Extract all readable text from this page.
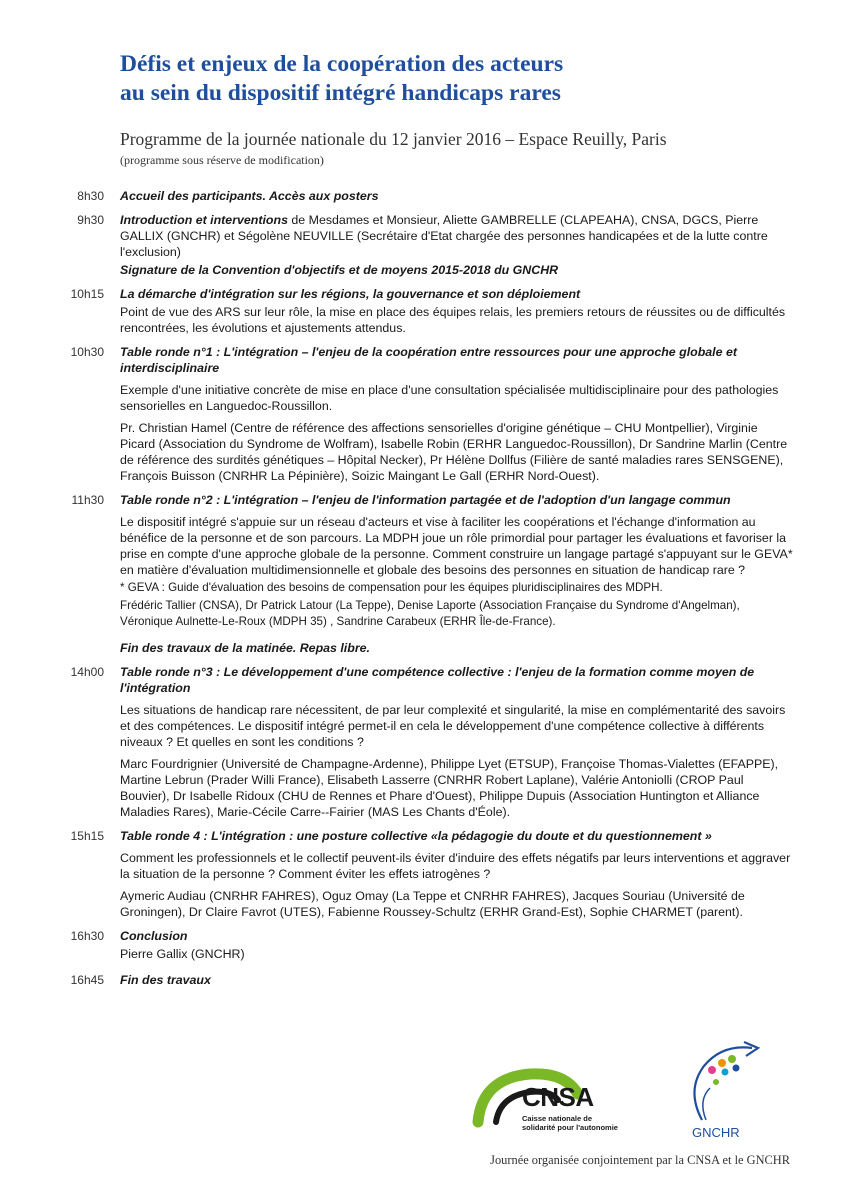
Défis et enjeux de la coopération des acteurs
au sein du dispositif intégré handicaps rares
Programme de la journée nationale du 12 janvier 2016 – Espace Reuilly, Paris
(programme sous réserve de modification)
8h30 Accueil des participants. Accès aux posters

9h30 Introduction et interventions de Mesdames et Monsieur, Aliette GAMBRELLE (CLAPEAHA), CNSA, DGCS, Pierre GALLIX (GNCHR) et Ségolène NEUVILLE (Secrétaire d'Etat chargée des personnes handicapées et de la lutte contre l'exclusion)

Signature de la Convention d'objectifs et de moyens 2015-2018 du GNCHR

10h15 La démarche d'intégration sur les régions, la gouvernance et son déploiement

Point de vue des ARS sur leur rôle, la mise en place des équipes relais, les premiers retours de réussites ou de difficultés rencontrées, les évolutions et ajustements attendus.

10h30 Table ronde n°1 : L'intégration – l'enjeu de la coopération entre ressources pour une approche globale et interdisciplinaire

Exemple d'une initiative concrète de mise en place d'une consultation spécialisée multidisciplinaire pour des pathologies sensorielles en Languedoc-Roussillon.

Pr. Christian Hamel (Centre de référence des affections sensorielles d'origine génétique – CHU Montpellier), Virginie Picard (Association du Syndrome de Wolfram), Isabelle Robin (ERHR Languedoc-Roussillon), Dr Sandrine Marlin (Centre de référence des surdités génétiques – Hôpital Necker), Pr Hélène Dollfus (Filière de santé maladies rares SENSGENE), François Buisson (CNRHR La Pépinière), Soizic Maingant Le Gall (ERHR Nord-Ouest).

11h30 Table ronde n°2 : L'intégration – l'enjeu de l'information partagée et de l'adoption d'un langage commun

Le dispositif intégré s'appuie sur un réseau d'acteurs et vise à faciliter les coopérations et l'échange d'information au bénéfice de la personne et de son parcours. La MDPH joue un rôle primordial pour partager les évaluations et favoriser la prise en compte d'une approche globale de la personne. Comment construire un langage partagé s'appuyant sur le GEVA* en matière d'évaluation multidimensionnelle et globale des besoins des personnes en situation de handicap rare ?

* GEVA : Guide d'évaluation des besoins de compensation pour les équipes pluridisciplinaires des MDPH.

Frédéric Tallier (CNSA), Dr Patrick Latour (La Teppe), Denise Laporte (Association Française du Syndrome d'Angelman), Véronique Aulnette-Le-Roux (MDPH 35) , Sandrine Carabeux (ERHR Île-de-France).

Fin des travaux de la matinée. Repas libre.

14h00 Table ronde n°3 : Le développement d'une compétence collective : l'enjeu de la formation comme moyen de l'intégration

Les situations de handicap rare nécessitent, de par leur complexité et singularité, la mise en complémentarité des savoirs et des compétences. Le dispositif intégré permet-il en cela le développement d'une compétence collective à différents niveaux ? Et quelles en sont les conditions ?

Marc Fourdrignier (Université de Champagne-Ardenne), Philippe Lyet (ETSUP), Françoise Thomas-Vialettes (EFAPPE), Martine Lebrun (Prader Willi France), Elisabeth Lasserre (CNRHR Robert Laplane), Valérie Antoniolli (CROP Paul Bouvier), Dr Isabelle Ridoux (CHU de Rennes et Phare d'Ouest), Philippe Dupuis (Association Huntington et Alliance Maladies Rares), Marie-Cécile Carre--Fairier (MAS Les Chants d'Éole).

15h15 Table ronde 4 : L'intégration : une posture collective «la pédagogie du doute et du questionnement »

Comment les professionnels et le collectif peuvent-ils éviter d'induire des effets négatifs par leurs interventions et aggraver la situation de la personne ? Comment éviter les effets iatrogènes ?

Aymeric Audiau (CNRHR FAHRES), Oguz Omay (La Teppe et CNRHR FAHRES), Jacques Souriau (Université de Groningen), Dr Claire Favrot (UTES), Fabienne Roussey-Schultz (ERHR Grand-Est), Sophie CHARMET (parent).

16h30 Conclusion

Pierre Gallix (GNCHR)

16h45 Fin des travaux

CNSA
Caisse nationale de
solidarité pour l'autonomie	GNCHR
Journée organisée conjointement par la CNSA et le GNCHR
